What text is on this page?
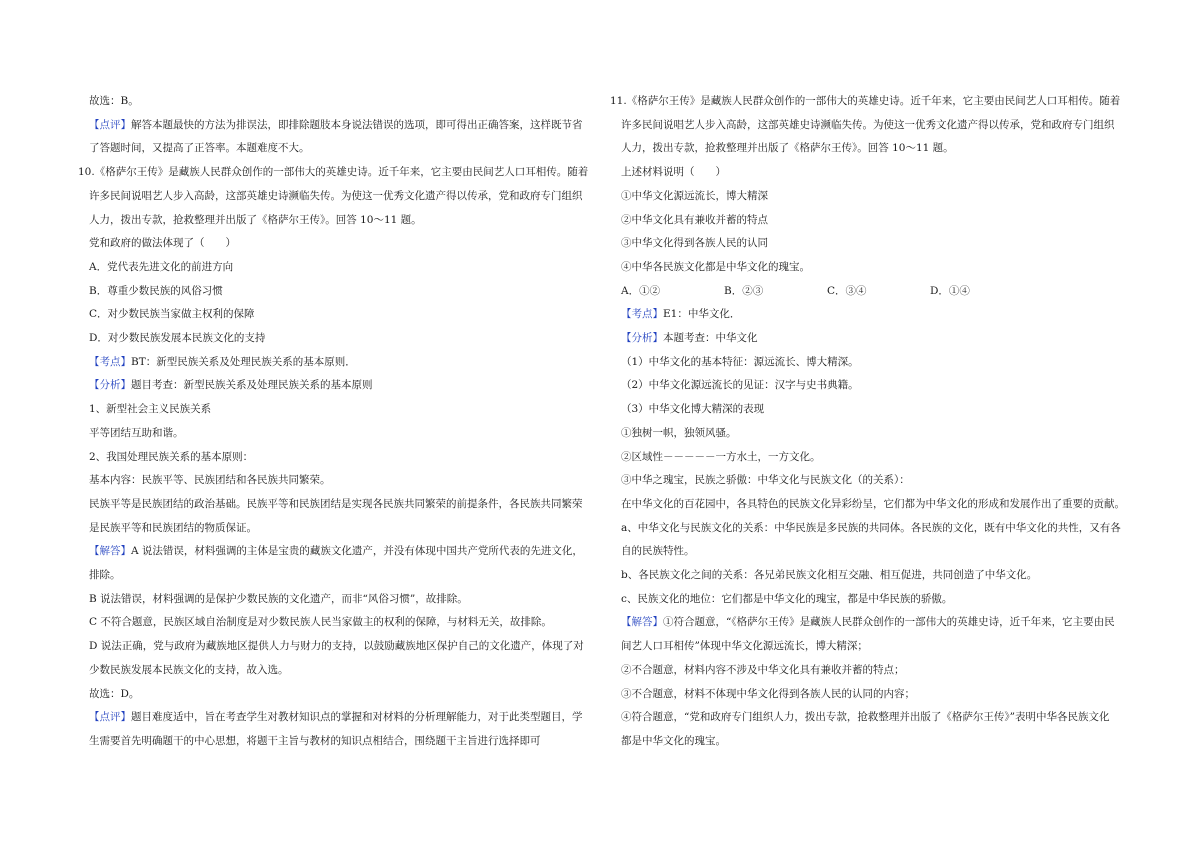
故选：B。
【点评】解答本题最快的方法为排误法，即排除题肢本身说法错误的选项，即可得出正确答案，这样既节省
了答题时间，又提高了正答率。本题难度不大。
10.《格萨尔王传》是藏族人民群众创作的一部伟大的英雄史诗。近千年来，它主要由民间艺人口耳相传。随着
许多民间说唱艺人步入高龄，这部英雄史诗濒临失传。为使这一优秀文化遗产得以传承，党和政府专门组织
人力，拨出专款，抢救整理并出版了《格萨尔王传》。回答 10～11 题。
党和政府的做法体现了（　　）
A．党代表先进文化的前进方向
B．尊重少数民族的风俗习惯
C．对少数民族当家做主权利的保障
D．对少数民族发展本民族文化的支持
【考点】BT：新型民族关系及处理民族关系的基本原则．
【分析】题目考查：新型民族关系及处理民族关系的基本原则
1、新型社会主义民族关系
平等团结互助和谐。
2、我国处理民族关系的基本原则：
基本内容：民族平等、民族团结和各民族共同繁荣。
民族平等是民族团结的政治基础。民族平等和民族团结是实现各民族共同繁荣的前提条件，各民族共同繁荣
是民族平等和民族团结的物质保证。
【解答】A 说法错误，材料强调的主体是宝贵的藏族文化遗产，并没有体现中国共产党所代表的先进文化，
排除。
B 说法错误，材料强调的是保护少数民族的文化遗产，而非“风俗习惯”，故排除。
C 不符合题意，民族区域自治制度是对少数民族人民当家做主的权利的保障，与材料无关，故排除。
D 说法正确，党与政府为藏族地区提供人力与财力的支持，以鼓励藏族地区保护自己的文化遗产，体现了对
少数民族发展本民族文化的支持，故入选。
故选：D。
【点评】题目难度适中，旨在考查学生对教材知识点的掌握和对材料的分析理解能力，对于此类型题目，学
生需要首先明确题干的中心思想，将题干主旨与教材的知识点相结合，围绕题干主旨进行选择即可
11.《格萨尔王传》是藏族人民群众创作的一部伟大的英雄史诗。近千年来，它主要由民间艺人口耳相传。随着
许多民间说唱艺人步入高龄，这部英雄史诗濒临失传。为使这一优秀文化遗产得以传承，党和政府专门组织
人力，拨出专款，抢救整理并出版了《格萨尔王传》。回答 10～11 题。
上述材料说明（　　）
①中华文化源远流长，博大精深
②中华文化具有兼收并蓄的特点
③中华文化得到各族人民的认同
④中华各民族文化都是中华文化的瑰宝。
A．①②	B．②③	C．③④	D．①④
【考点】E1：中华文化．
【分析】本题考查：中华文化
（1）中华文化的基本特征：源远流长、博大精深。
（2）中华文化源远流长的见证：汉字与史书典籍。
（3）中华文化博大精深的表现
①独树一帜，独领风骚。
②区域性－－－－－一方水土，一方文化。
③中华之瑰宝，民族之骄傲：中华文化与民族文化（的关系）：
在中华文化的百花园中，各具特色的民族文化异彩纷呈，它们都为中华文化的形成和发展作出了重要的贡献。
a、中华文化与民族文化的关系：中华民族是多民族的共同体。各民族的文化，既有中华文化的共性，又有各
自的民族特性。
b、各民族文化之间的关系：各兄弟民族文化相互交融、相互促进，共同创造了中华文化。
c、民族文化的地位：它们都是中华文化的瑰宝，都是中华民族的骄傲。
【解答】①符合题意，“《格萨尔王传》是藏族人民群众创作的一部伟大的英雄史诗，近千年来，它主要由民
间艺人口耳相传”体现中华文化源远流长，博大精深；
②不合题意，材料内容不涉及中华文化具有兼收并蓄的特点；
③不合题意，材料不体现中华文化得到各族人民的认同的内容；
④符合题意，“党和政府专门组织人力，拨出专款，抢救整理并出版了《格萨尔王传》”表明中华各民族文化
都是中华文化的瑰宝。
